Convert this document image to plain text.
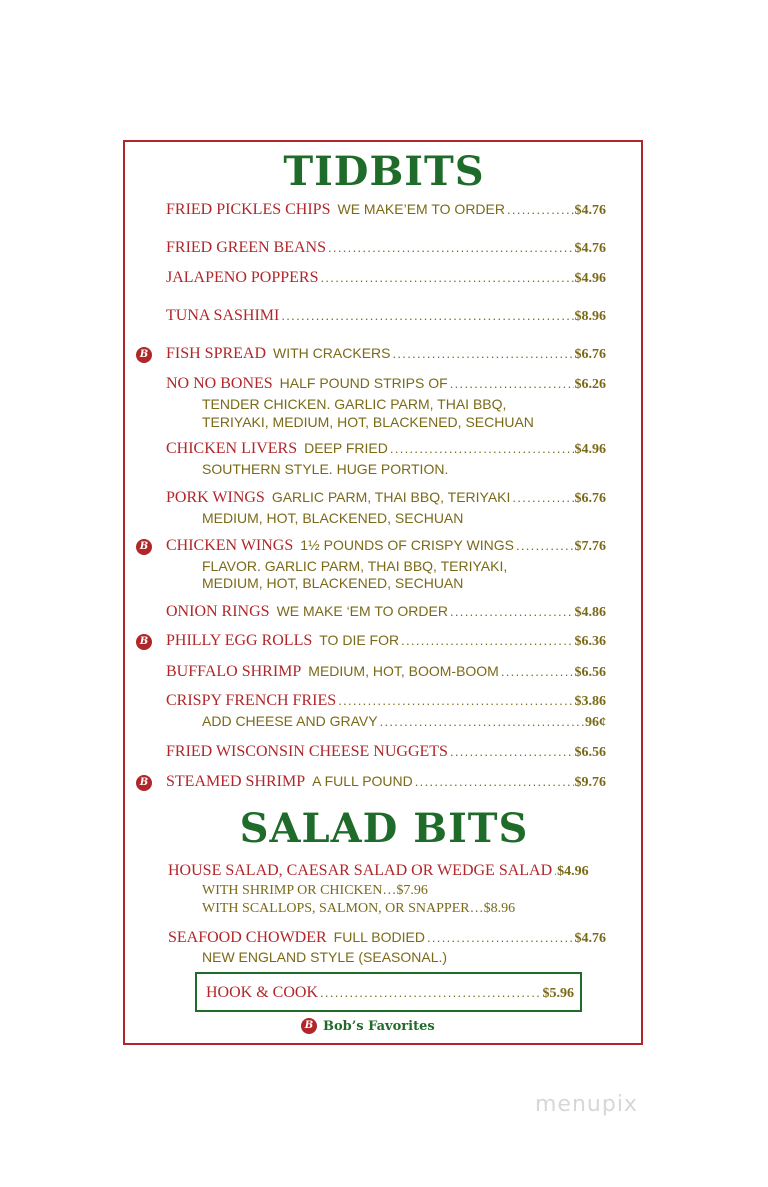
TIDBITS
FRIED PICKLES CHIPS WE MAKE’EM TO ORDER .....	$4.76
FRIED GREEN BEANS .....	$4.76
JALAPENO POPPERS .....	$4.96
TUNA SASHIMI .....	$8.96
B FISH SPREAD WITH CRACKERS .....	$6.76
NO NO BONES HALF POUND STRIPS OF .....	$6.26
TENDER CHICKEN. GARLIC PARM, THAI BBQ,
TERIYAKI, MEDIUM, HOT, BLACKENED, SECHUAN
CHICKEN LIVERS DEEP FRIED .....	$4.96
SOUTHERN STYLE. HUGE PORTION.
PORK WINGS GARLIC PARM, THAI BBQ, TERIYAKI .....	$6.76
MEDIUM, HOT, BLACKENED, SECHUAN
B CHICKEN WINGS 1½ POUNDS OF CRISPY WINGS .....	$7.76
FLAVOR. GARLIC PARM, THAI BBQ, TERIYAKI,
MEDIUM, HOT, BLACKENED, SECHUAN
ONION RINGS WE MAKE ‘EM TO ORDER .....	$4.86
B PHILLY EGG ROLLS TO DIE FOR .....	$6.36
BUFFALO SHRIMP MEDIUM, HOT, BOOM-BOOM .....	$6.56
CRISPY FRENCH FRIES .....	$3.86
ADD CHEESE AND GRAVY .....	96¢
FRIED WISCONSIN CHEESE NUGGETS .....	$6.56
B STEAMED SHRIMP A FULL POUND .....	$9.76
SALAD BITS
HOUSE SALAD, CAESAR SALAD OR WEDGE SALAD ..... $4.96
WITH SHRIMP OR CHICKEN…$7.96
WITH SCALLOPS, SALMON, OR SNAPPER…$8.96
SEAFOOD CHOWDER FULL BODIED .....	$4.76
NEW ENGLAND STYLE (SEASONAL.)
HOOK & COOK .....	$5.96
B Bob’s Favorites
menupix
